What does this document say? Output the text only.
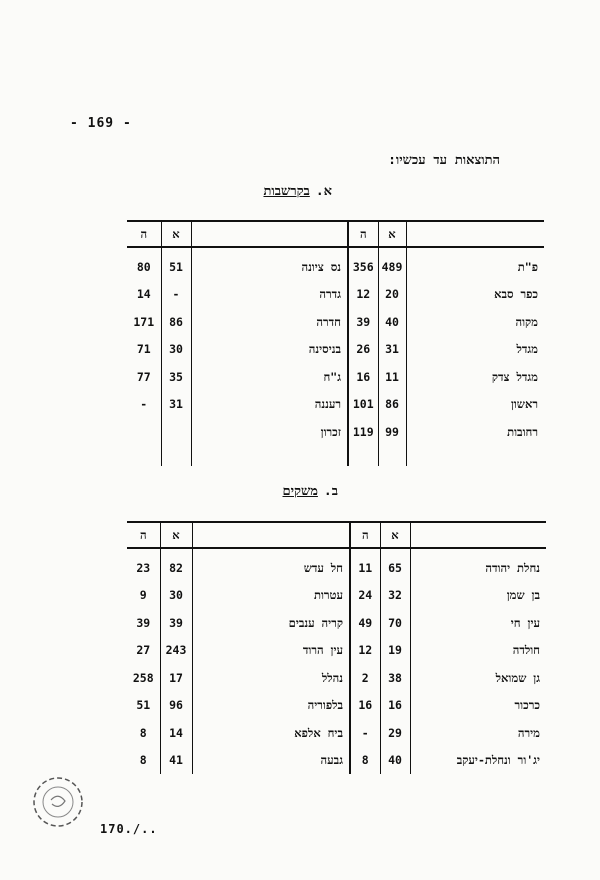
- 169 -
התוצאות עד עכשיו:
א.בקרשבות
	א	ה		א	ה

פ"ת	489	356	נס ציונה	51	80
כפר סבא	20	12	גדרה	-	14
מקוה	40	39	חדרה	86	171
מגדל	31	26	בניסינה	30	71
מגדל צדק	11	16	ג"ח	35	77
ראשון	86	101	רעננה	31	-
רחובות	99	119	זכרון		

ב.משקים
	א	ה		א	ה

נחלת יהודה	65	11	חל עדש	82	23
בן שמן	32	24	עטרות	30	9
עין חי	70	49	קריה ענבים	39	39
חולדה	19	12	עין הרוד	243	27
גן שמואל	38	2	נהלל	17	258
כרכור	16	16	בלפוריה	96	51
מירה	29	-	ביח אלפא	14	8
יג'ור ונחלת-יעקב	40	8	גבעה	41	8
170./..
